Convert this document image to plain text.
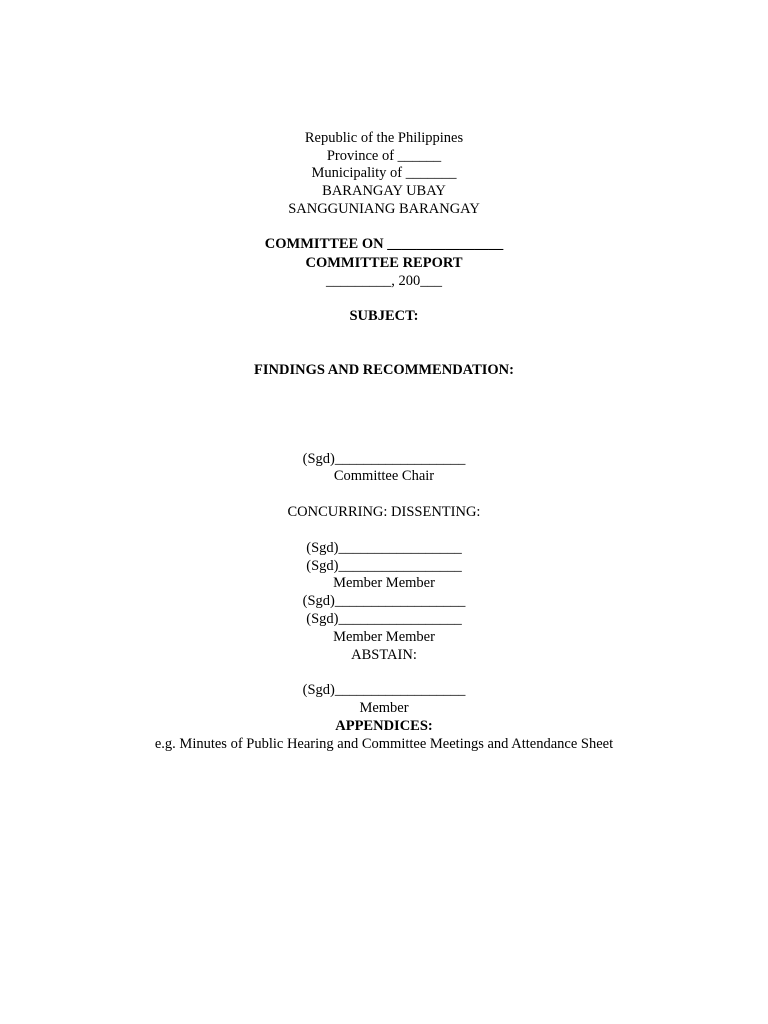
Republic of the Philippines
Province of ______
Municipality of _______
BARANGAY UBAY
SANGGUNIANG BARANGAY
COMMITTEE ON ________________
COMMITTEE REPORT
_________, 200___
SUBJECT:
FINDINGS AND RECOMMENDATION:
(Sgd)__________________
Committee Chair
CONCURRING: DISSENTING:
(Sgd)_________________
(Sgd)_________________
Member Member
(Sgd)__________________
(Sgd)_________________
Member Member
ABSTAIN:
(Sgd)__________________
Member
APPENDICES:
e.g. Minutes of Public Hearing and Committee Meetings and Attendance Sheet
